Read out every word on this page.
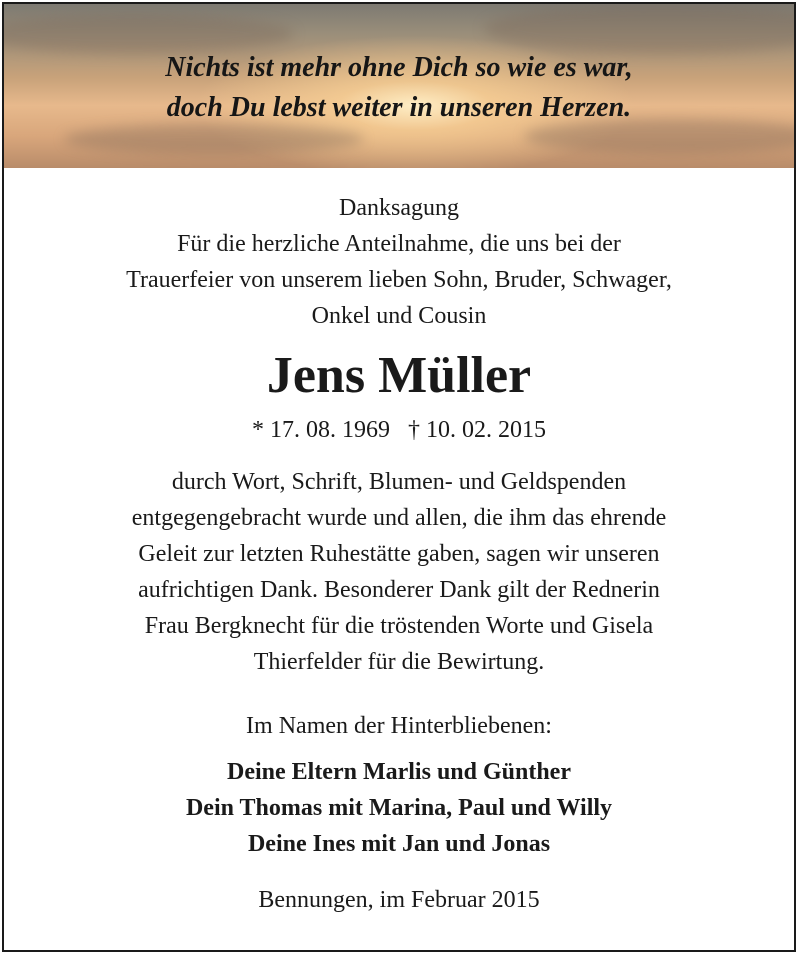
Nichts ist mehr ohne Dich so wie es war,
doch Du lebst weiter in unseren Herzen.
Danksagung
Für die herzliche Anteilnahme, die uns bei der
Trauerfeier von unserem lieben Sohn, Bruder, Schwager,
Onkel und Cousin
Jens Müller
* 17. 08. 1969   † 10. 02. 2015
durch Wort, Schrift, Blumen- und Geldspenden
entgegengebracht wurde und allen, die ihm das ehrende
Geleit zur letzten Ruhestätte gaben, sagen wir unseren
aufrichtigen Dank. Besonderer Dank gilt der Rednerin
Frau Bergknecht für die tröstenden Worte und Gisela
Thierfelder für die Bewirtung.
Im Namen der Hinterbliebenen:
Deine Eltern Marlis und Günther
Dein Thomas mit Marina, Paul und Willy
Deine Ines mit Jan und Jonas
Bennungen, im Februar 2015
